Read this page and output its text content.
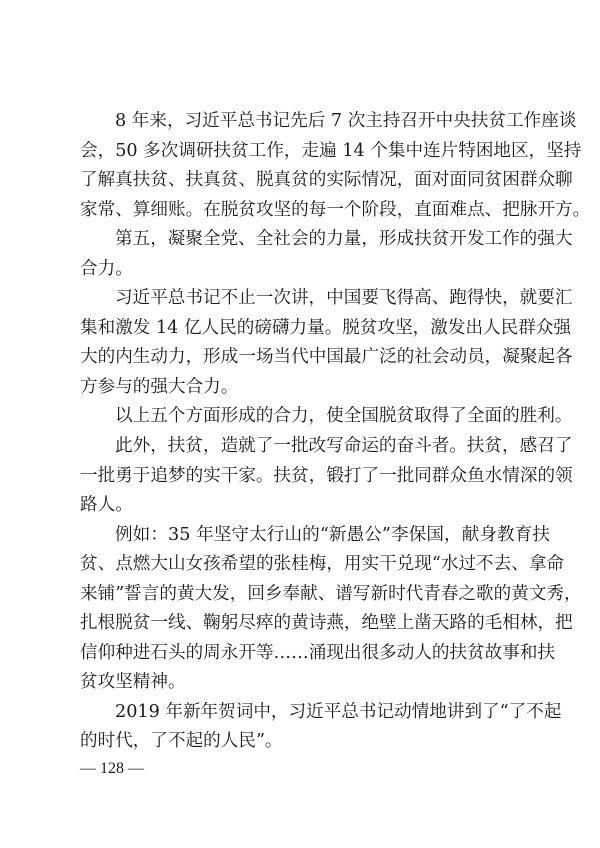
8 年来，习近平总书记先后 7 次主持召开中央扶贫工作座谈
会，50 多次调研扶贫工作，走遍 14 个集中连片特困地区，坚持
了解真扶贫、扶真贫、脱真贫的实际情况，面对面同贫困群众聊
家常、算细账。在脱贫攻坚的每一个阶段，直面难点、把脉开方。
第五，凝聚全党、全社会的力量，形成扶贫开发工作的强大
合力。
习近平总书记不止一次讲，中国要飞得高、跑得快，就要汇
集和激发 14 亿人民的磅礴力量。脱贫攻坚，激发出人民群众强
大的内生动力，形成一场当代中国最广泛的社会动员，凝聚起各
方参与的强大合力。
以上五个方面形成的合力，使全国脱贫取得了全面的胜利。
此外，扶贫，造就了一批改写命运的奋斗者。扶贫，感召了
一批勇于追梦的实干家。扶贫，锻打了一批同群众鱼水情深的领
路人。
例如：35 年坚守太行山的“新愚公”李保国，献身教育扶
贫、点燃大山女孩希望的张桂梅，用实干兑现“水过不去、拿命
来铺”誓言的黄大发，回乡奉献、谱写新时代青春之歌的黄文秀，
扎根脱贫一线、鞠躬尽瘁的黄诗燕，绝壁上凿天路的毛相林，把
信仰种进石头的周永开等……涌现出很多动人的扶贫故事和扶
贫攻坚精神。
2019 年新年贺词中，习近平总书记动情地讲到了“了不起
的时代，了不起的人民”。
— 128 —
